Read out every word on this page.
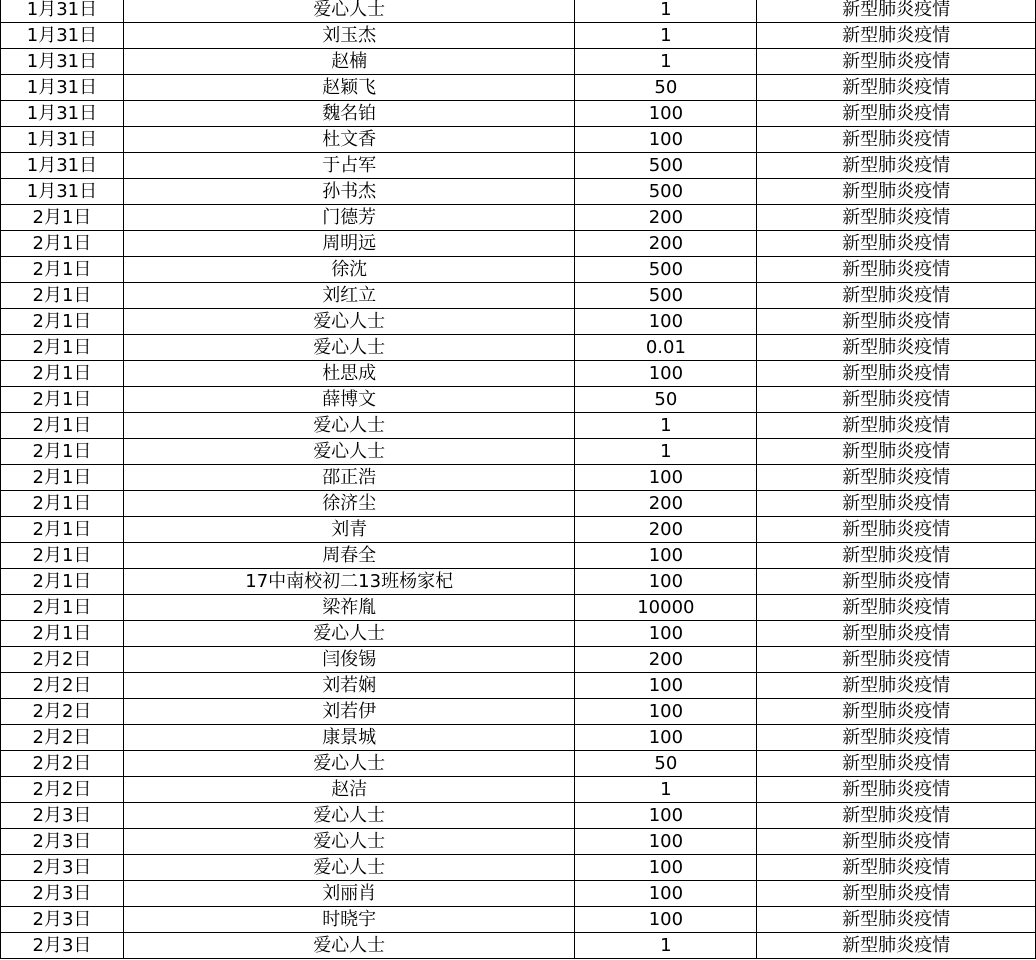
1月31日	爱心人士	1	新型肺炎疫情
1月31日	刘玉杰	1	新型肺炎疫情
1月31日	赵楠	1	新型肺炎疫情
1月31日	赵颖飞	50	新型肺炎疫情
1月31日	魏名铂	100	新型肺炎疫情
1月31日	杜文香	100	新型肺炎疫情
1月31日	于占军	500	新型肺炎疫情
1月31日	孙书杰	500	新型肺炎疫情
2月1日	门德芳	200	新型肺炎疫情
2月1日	周明远	200	新型肺炎疫情
2月1日	徐沈	500	新型肺炎疫情
2月1日	刘红立	500	新型肺炎疫情
2月1日	爱心人士	100	新型肺炎疫情
2月1日	爱心人士	0.01	新型肺炎疫情
2月1日	杜思成	100	新型肺炎疫情
2月1日	薛博文	50	新型肺炎疫情
2月1日	爱心人士	1	新型肺炎疫情
2月1日	爱心人士	1	新型肺炎疫情
2月1日	邵正浩	100	新型肺炎疫情
2月1日	徐济尘	200	新型肺炎疫情
2月1日	刘青	200	新型肺炎疫情
2月1日	周春全	100	新型肺炎疫情
2月1日	17中南校初二13班杨家杞	100	新型肺炎疫情
2月1日	梁祚胤	10000	新型肺炎疫情
2月1日	爱心人士	100	新型肺炎疫情
2月2日	闫俊锡	200	新型肺炎疫情
2月2日	刘若娴	100	新型肺炎疫情
2月2日	刘若伊	100	新型肺炎疫情
2月2日	康景城	100	新型肺炎疫情
2月2日	爱心人士	50	新型肺炎疫情
2月2日	赵洁	1	新型肺炎疫情
2月3日	爱心人士	100	新型肺炎疫情
2月3日	爱心人士	100	新型肺炎疫情
2月3日	爱心人士	100	新型肺炎疫情
2月3日	刘丽肖	100	新型肺炎疫情
2月3日	时晓宇	100	新型肺炎疫情
2月3日	爱心人士	1	新型肺炎疫情
